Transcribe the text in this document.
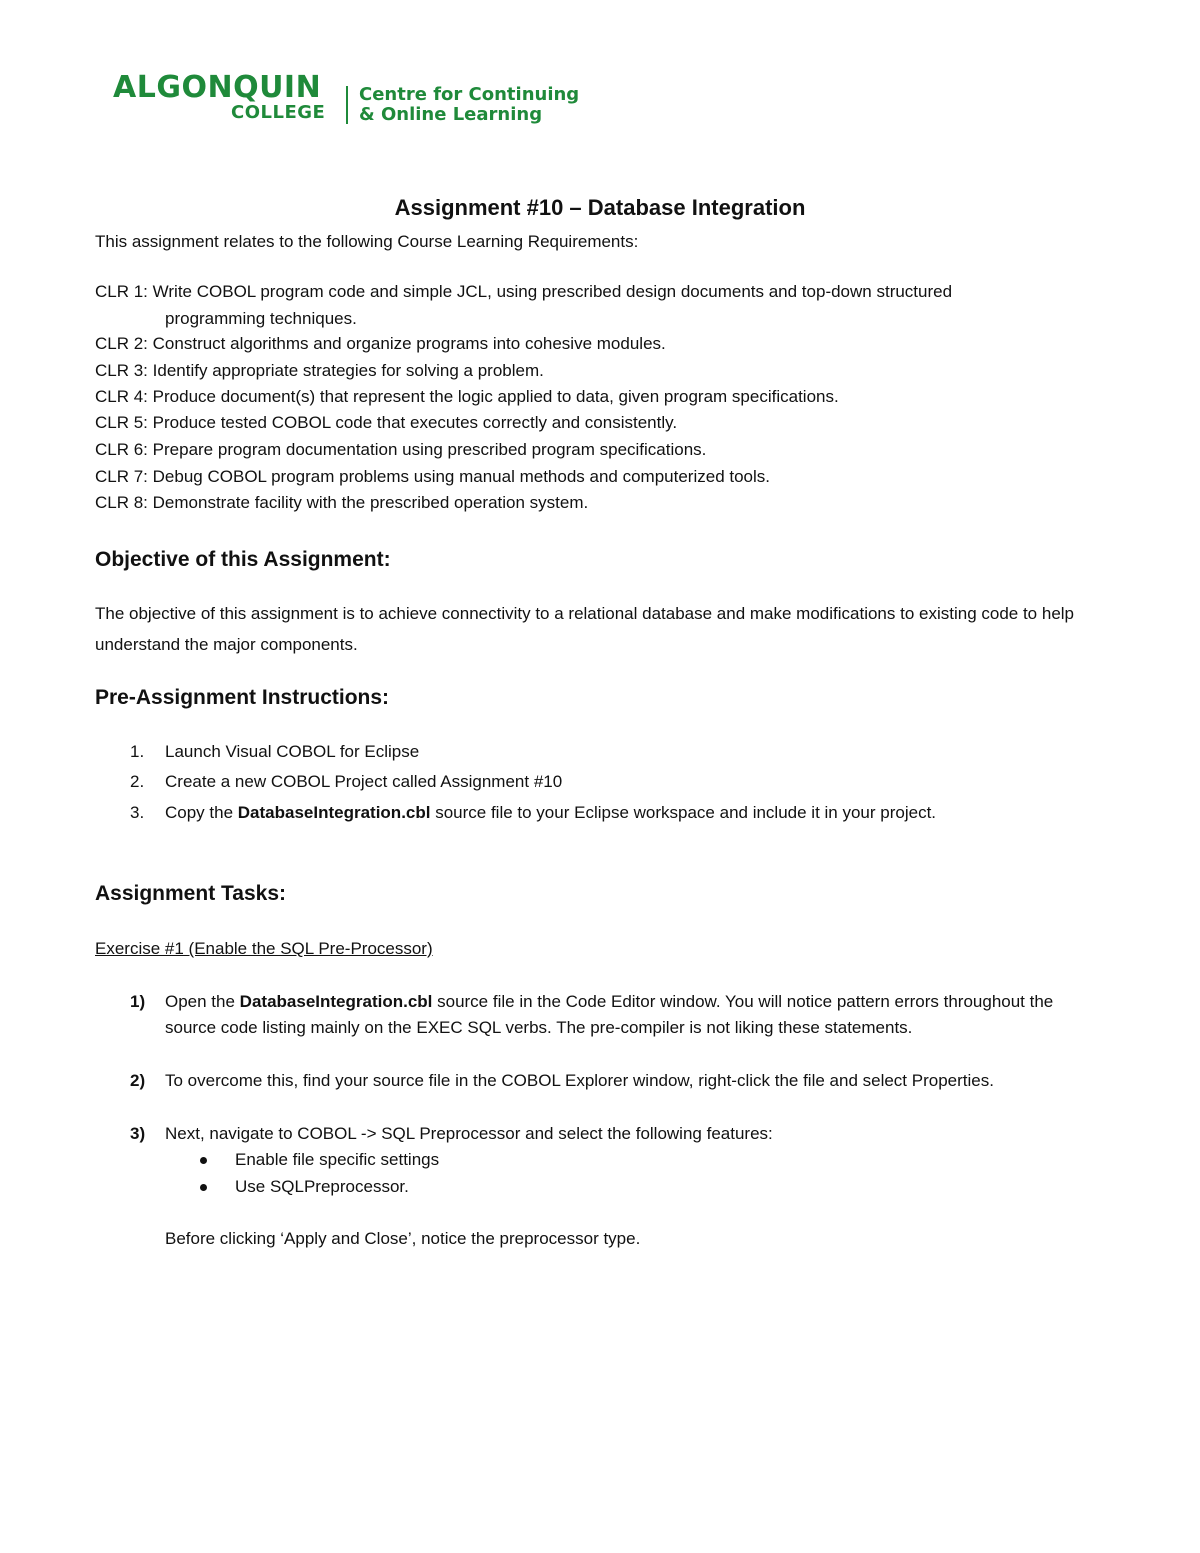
ALGONQUIN
COLLEGE
Centre for Continuing
& Online Learning
Assignment #10 – Database Integration
This assignment relates to the following Course Learning Requirements:
CLR 1: Write COBOL program code and simple JCL, using prescribed design documents and top-down structured
programming techniques.
CLR 2: Construct algorithms and organize programs into cohesive modules.
CLR 3: Identify appropriate strategies for solving a problem.
CLR 4: Produce document(s) that represent the logic applied to data, given program specifications.
CLR 5: Produce tested COBOL code that executes correctly and consistently.
CLR 6: Prepare program documentation using prescribed program specifications.
CLR 7: Debug COBOL program problems using manual methods and computerized tools.
CLR 8: Demonstrate facility with the prescribed operation system.
Objective of this Assignment:
The objective of this assignment is to achieve connectivity to a relational database and make modifications to existing code to help understand the major components.
Pre-Assignment Instructions:
1. Launch Visual COBOL for Eclipse
2. Create a new COBOL Project called Assignment #10
3. Copy the DatabaseIntegration.cbl source file to your Eclipse workspace and include it in your project.
Assignment Tasks:
Exercise #1 (Enable the SQL Pre-Processor)
1) Open the DatabaseIntegration.cbl source file in the Code Editor window. You will notice pattern errors throughout the source code listing mainly on the EXEC SQL verbs. The pre-compiler is not liking these statements.
2) To overcome this, find your source file in the COBOL Explorer window, right-click the file and select Properties.
3) Next, navigate to COBOL -> SQL Preprocessor and select the following features:
Enable file specific settings
Use SQLPreprocessor.
Before clicking ‘Apply and Close’, notice the preprocessor type.
